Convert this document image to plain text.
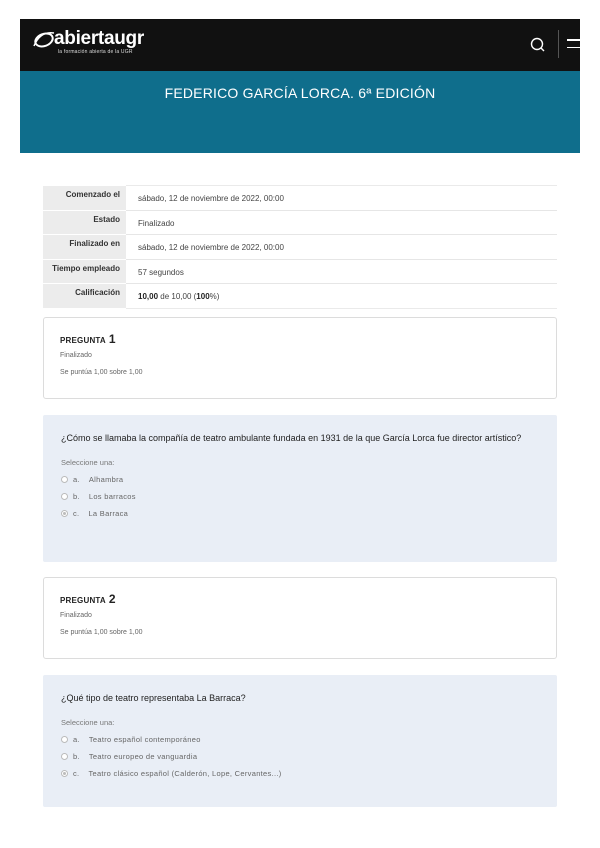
abiertaugr
la formación abierta de la UGR
FEDERICO GARCÍA LORCA. 6ª EDICIÓN
Comenzado el	sábado, 12 de noviembre de 2022, 00:00
Estado	Finalizado
Finalizado en	sábado, 12 de noviembre de 2022, 00:00
Tiempo empleado	57 segundos
Calificación	10,00 de 10,00 (100%)
PREGUNTA 1
Finalizado
Se puntúa 1,00 sobre 1,00
¿Cómo se llamaba la compañía de teatro ambulante fundada en 1931 de la que García Lorca fue director artístico?
Seleccione una:
a. Alhambra
b. Los barracos
c. La Barraca
PREGUNTA 2
Finalizado
Se puntúa 1,00 sobre 1,00
¿Qué tipo de teatro representaba La Barraca?
Seleccione una:
a. Teatro español contemporáneo
b. Teatro europeo de vanguardia
c. Teatro clásico español (Calderón, Lope, Cervantes...)
